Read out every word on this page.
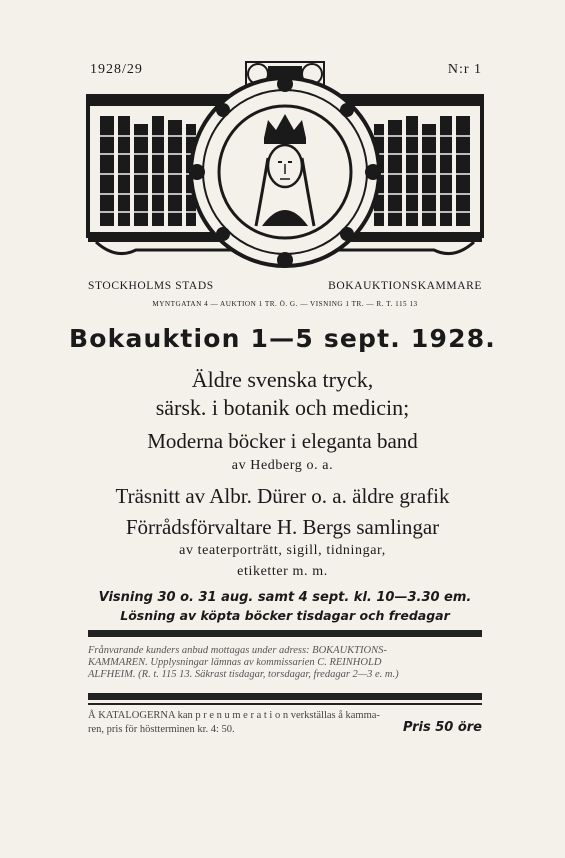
1928/29	N:r 1
STOCKHOLMS STADS	BOKAUKTIONSKAMMARE
MYNTGATAN 4 — AUKTION 1 TR. Ö. G. — VISNING 1 TR. — R. T. 115 13
Bokauktion 1—5 sept. 1928.
Äldre svenska tryck,
särsk. i botanik och medicin;
Moderna böcker i eleganta band
av Hedberg o. a.
Träsnitt av Albr. Dürer o. a. äldre grafik
Förrådsförvaltare H. Bergs samlingar
av teaterporträtt, sigill, tidningar,
etiketter m. m.
Visning 30 o. 31 aug. samt 4 sept. kl. 10—3.30 em.
Lösning av köpta böcker tisdagar och fredagar

Frånvarande kunders anbud mottagas under adress: BOKAUKTIONS-

KAMMAREN. Upplysningar lämnas av kommissarien C. REINHOLD

ALFHEIM. (R. t. 115 13. Säkrast tisdagar, torsdagar, fredagar 2—3 e. m.)

Å KATALOGERNA kan p r e n u m e r a t i o n verkställas å kamma-

ren, pris för höstterminen kr. 4: 50.	Pris 50 öre
